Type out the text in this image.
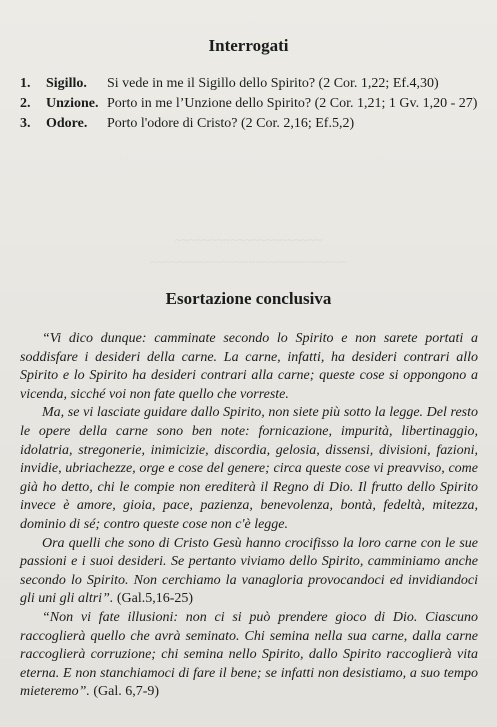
~~~~~~~~~~~~~~~~~~~~~
~~~~~~~~~~~~~~~~~~~~~~~~~~~~
Interrogati
1.	Sigillo.	Si vede in me il Sigillo dello Spirito? (2 Cor. 1,22; Ef.4,30)
2.	Unzione. Porto in me l’Unzione dello Spirito? (2 Cor. 1,21; 1 Gv. 1,20 - 27)
3.	Odore.	Porto l'odore di Cristo? (2 Cor. 2,16; Ef.5,2)
Esortazione conclusiva

“Vi dico dunque: camminate secondo lo Spirito e non sarete portati a soddisfare i desideri della carne. La carne, infatti, ha desideri contrari allo Spirito e lo Spirito ha desideri contrari alla carne; queste cose si oppongono a vicenda, sicché voi non fate quello che vorreste.

Ma, se vi lasciate guidare dallo Spirito, non siete più sotto la legge. Del resto le opere della carne sono ben note: fornicazione, impurità, libertinaggio, idolatria, stregonerie, inimicizie, discordia, gelosia, dissensi, divisioni, fazioni, invidie, ubriachezze, orge e cose del genere; circa queste cose vi preavviso, come già ho detto, chi le compie non erediterà il Regno di Dio. Il frutto dello Spirito invece è amore, gioia, pace, pazienza, benevolenza, bontà, fedeltà, mitezza, dominio di sé; contro queste cose non c'è legge.

Ora quelli che sono di Cristo Gesù hanno crocifisso la loro carne con le sue passioni e i suoi desideri. Se pertanto viviamo dello Spirito, camminiamo anche secondo lo Spirito. Non cerchiamo la vanagloria provocandoci ed invidiandoci gli uni gli altri”. (Gal.5,16-25)

“Non vi fate illusioni: non ci si può prendere gioco di Dio. Ciascuno raccoglierà quello che avrà seminato. Chi semina nella sua carne, dalla carne raccoglierà corruzione; chi semina nello Spirito, dallo Spirito raccoglierà vita eterna. E non stanchiamoci di fare il bene; se infatti non desistiamo, a suo tempo mieteremo”. (Gal. 6,7-9)
